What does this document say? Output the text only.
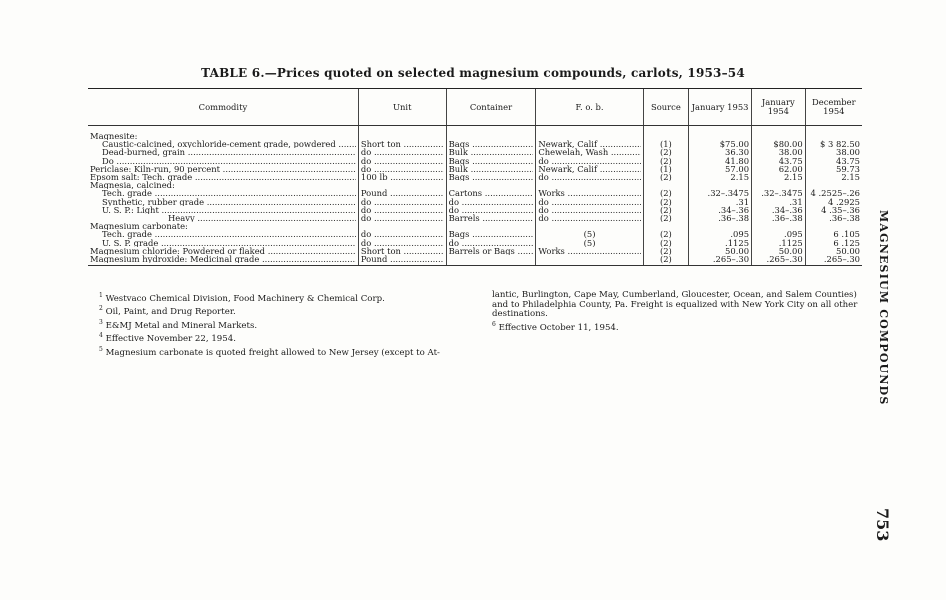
TABLE 6.—Prices quoted on selected magnesium compounds, carlots, 1953–54
Commodity	Unit	Container	F. o. b.	Source	January 1953	January 1954	December 1954

Magnesite:							

Caustic-calcined, oxychloride-cement grade, powdered .....	Short ton .....	Bags .....	Newark, Calif .....	(1)	$75.00	$80.00	$ 3 82.50

Dead-burned, grain .....	do .....	Bulk .....	Chewelah, Wash .....	(2)	36.30	38.00	38.00

Do .....	do .....	Bags .....	do .....	(2)	41.80	43.75	43.75

Periclase: Kiln-run, 90 percent .....	do .....	Bulk .....	Newark, Calif .....	(1)	57.00	62.00	59.73

Epsom salt: Tech. grade .....	100 lb .....	Bags .....	do .....	(2)	2.15	2.15	2.15
Magnesia, calcined:							

Tech. grade .....	Pound .....	Cartons .....	Works .....	(2)	.32–.3475	.32–.3475	4 .2525–.26

Synthetic, rubber grade .....	do .....	do .....	do .....	(2)	.31	.31	4 .2925

U. S. P.: Light .....	do .....	do .....	do .....	(2)	.34–.36	.34–.36	4 .35–.36

Heavy .....	do .....	Barrels .....	do .....	(2)	.36–.38	.36–.38	.36–.38
Magnesium carbonate:							

Tech. grade .....	do .....	Bags .....	(5)	(2)	.095	.095	6 .105

U. S. P. grade .....	do .....	do .....	(5)	(2)	.1125	.1125	6 .125

Magnesium chloride: Powdered or flaked .....	Short ton .....	Barrels or Bags .....	Works .....	(2)	50.00	50.00	50.00

Magnesium hydroxide: Medicinal grade .....	Pound .....			(2)	.265–.30	.265–.30	.265–.30

$^1$ Westvaco Chemical Division, Food Machinery & Chemical Corp.

$^2$ Oil, Paint, and Drug Reporter.

$^3$ E&MJ Metal and Mineral Markets.

$^4$ Effective November 22, 1954.

$^5$ Magnesium carbonate is quoted freight allowed to New Jersey (except to At-

lantic, Burlington, Cape May, Cumberland, Gloucester, Ocean, and Salem Counties) and to Philadelphia County, Pa. Freight is equalized with New York City on all other destinations.

$^6$ Effective October 11, 1954.	MAGNESIUM COMPOUNDS
753
